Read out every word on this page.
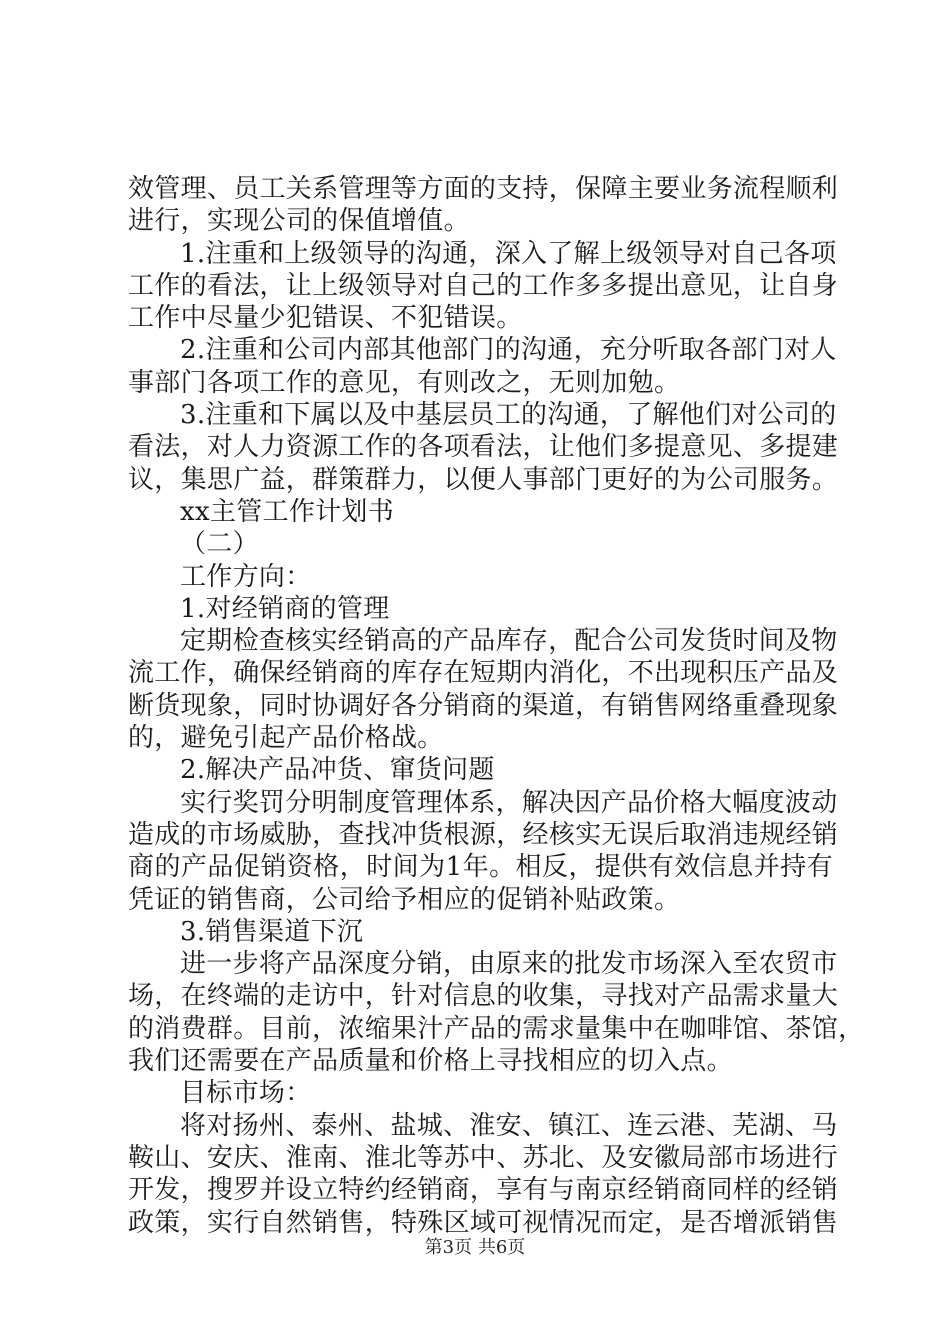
效管理、员工关系管理等方面的支持，保障主要业务流程顺利
进行，实现公司的保值增值。
1.注重和上级领导的沟通，深入了解上级领导对自己各项
工作的看法，让上级领导对自己的工作多多提出意见，让自身
工作中尽量少犯错误、不犯错误。
2.注重和公司内部其他部门的沟通，充分听取各部门对人
事部门各项工作的意见，有则改之，无则加勉。
3.注重和下属以及中基层员工的沟通，了解他们对公司的
看法，对人力资源工作的各项看法，让他们多提意见、多提建
议，集思广益，群策群力，以便人事部门更好的为公司服务。
xx主管工作计划书
（二）
工作方向：
1.对经销商的管理
定期检查核实经销高的产品库存，配合公司发货时间及物
流工作，确保经销商的库存在短期内消化，不出现积压产品及
断货现象，同时协调好各分销商的渠道，有销售网络重叠现象
的，避免引起产品价格战。
2.解决产品冲货、窜货问题
实行奖罚分明制度管理体系，解决因产品价格大幅度波动
造成的市场威胁，查找冲货根源，经核实无误后取消违规经销
商的产品促销资格，时间为1年。相反，提供有效信息并持有
凭证的销售商，公司给予相应的促销补贴政策。
3.销售渠道下沉
进一步将产品深度分销，由原来的批发市场深入至农贸市
场，在终端的走访中，针对信息的收集，寻找对产品需求量大
的消费群。目前，浓缩果汁产品的需求量集中在咖啡馆、茶馆，
我们还需要在产品质量和价格上寻找相应的切入点。
目标市场：
将对扬州、泰州、盐城、淮安、镇江、连云港、芜湖、马
鞍山、安庆、淮南、淮北等苏中、苏北、及安徽局部市场进行
开发，搜罗并设立特约经销商，享有与南京经销商同样的经销
政策，实行自然销售，特殊区域可视情况而定，是否增派销售
第3页 共6页
